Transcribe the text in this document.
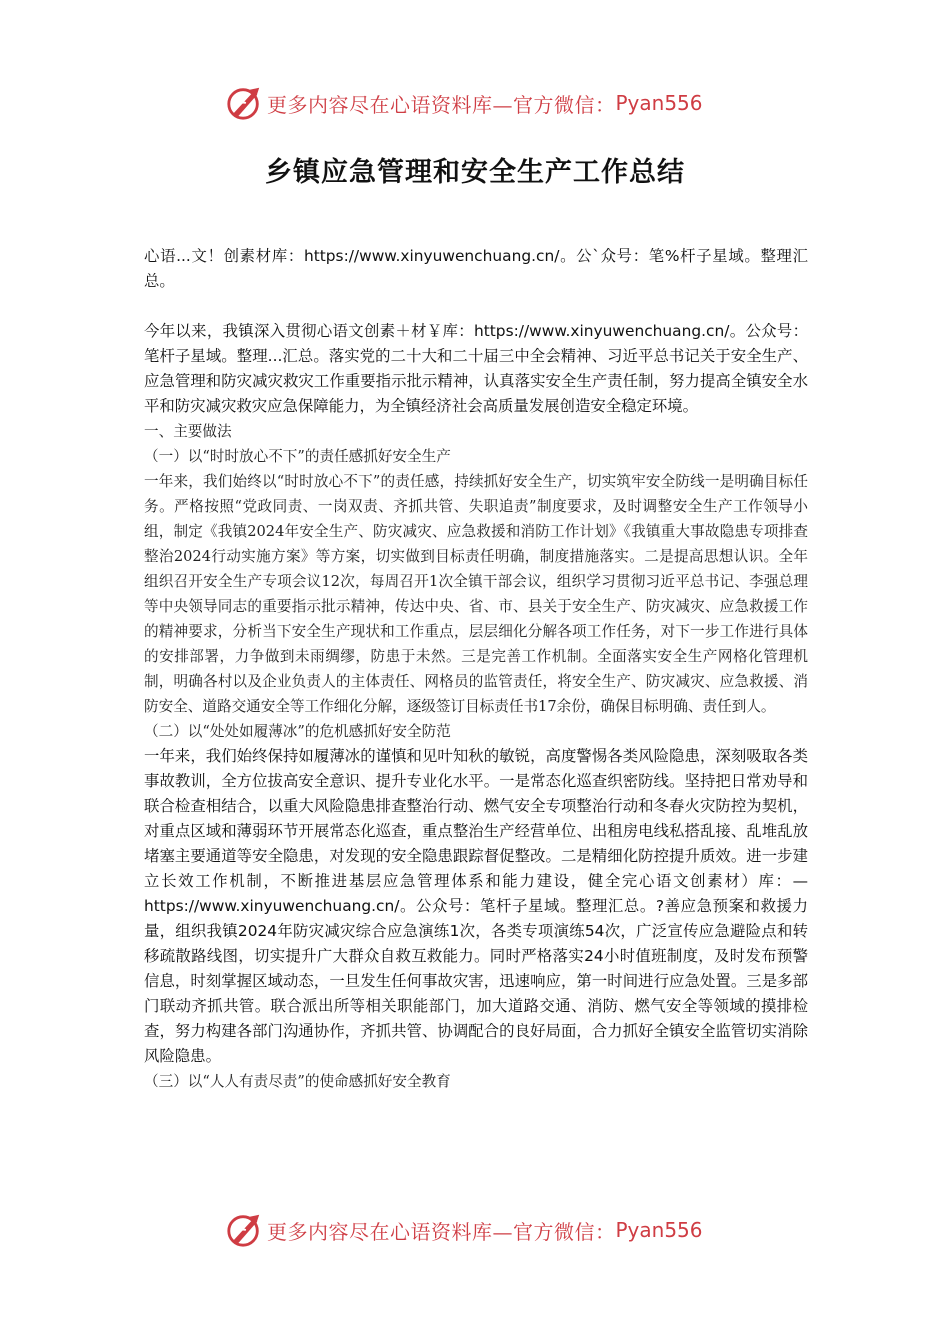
更多内容尽在心语资料库—官方微信： Pyan556
乡镇应急管理和安全生产工作总结

心语...文！创素材库：https://www.xinyuwenchuang.cn/。公`众号：笔%杆子星域。整理汇总。

今年以来，我镇深入贯彻心语文创素＋材￥库：https://www.xinyuwenchuang.cn/。公众号：笔杆子星域。整理...汇总。落实党的二十大和二十届三中全会精神、习近平总书记关于安全生产、应急管理和防灾减灾救灾工作重要指示批示精神，认真落实安全生产责任制，努力提高全镇安全水平和防灾减灾救灾应急保障能力，为全镇经济社会高质量发展创造安全稳定环境。

一、主要做法

（一）以“时时放心不下”的责任感抓好安全生产

一年来，我们始终以“时时放心不下”的责任感，持续抓好安全生产，切实筑牢安全防线一是明确目标任务。严格按照“党政同责、一岗双责、齐抓共管、失职追责”制度要求，及时调整安全生产工作领导小组，制定《我镇2024年安全生产、防灾减灾、应急救援和消防工作计划》《我镇重大事故隐患专项排查整治2024行动实施方案》等方案，切实做到目标责任明确，制度措施落实。二是提高思想认识。全年组织召开安全生产专项会议12次，每周召开1次全镇干部会议，组织学习贯彻习近平总书记、李强总理等中央领导同志的重要指示批示精神，传达中央、省、市、县关于安全生产、防灾减灾、应急救援工作的精神要求，分析当下安全生产现状和工作重点，层层细化分解各项工作任务，对下一步工作进行具体的安排部署，力争做到未雨绸缪，防患于未然。三是完善工作机制。全面落实安全生产网格化管理机制，明确各村以及企业负责人的主体责任、网格员的监管责任，将安全生产、防灾减灾、应急救援、消防安全、道路交通安全等工作细化分解，逐级签订目标责任书17余份，确保目标明确、责任到人。

（二）以“处处如履薄冰”的危机感抓好安全防范

一年来，我们始终保持如履薄冰的谨慎和见叶知秋的敏锐，高度警惕各类风险隐患，深刻吸取各类事故教训，全方位拔高安全意识、提升专业化水平。一是常态化巡查织密防线。坚持把日常劝导和联合检查相结合，以重大风险隐患排查整治行动、燃气安全专项整治行动和冬春火灾防控为契机，对重点区域和薄弱环节开展常态化巡查，重点整治生产经营单位、出租房电线私搭乱接、乱堆乱放堵塞主要通道等安全隐患，对发现的安全隐患跟踪督促整改。二是精细化防控提升质效。进一步建立长效工作机制，不断推进基层应急管理体系和能力建设，健全完心语文创素材）库：—https://www.xinyuwenchuang.cn/。公众号：笔杆子星域。整理汇总。?善应急预案和救援力量，组织我镇2024年防灾减灾综合应急演练1次，各类专项演练54次，广泛宣传应急避险点和转移疏散路线图，切实提升广大群众自救互救能力。同时严格落实24小时值班制度，及时发布预警信息，时刻掌握区域动态，一旦发生任何事故灾害，迅速响应，第一时间进行应急处置。三是多部门联动齐抓共管。联合派出所等相关职能部门，加大道路交通、消防、燃气安全等领域的摸排检查，努力构建各部门沟通协作，齐抓共管、协调配合的良好局面，合力抓好全镇安全监管切实消除风险隐患。

（三）以“人人有责尽责”的使命感抓好安全教育

更多内容尽在心语资料库—官方微信： Pyan556
